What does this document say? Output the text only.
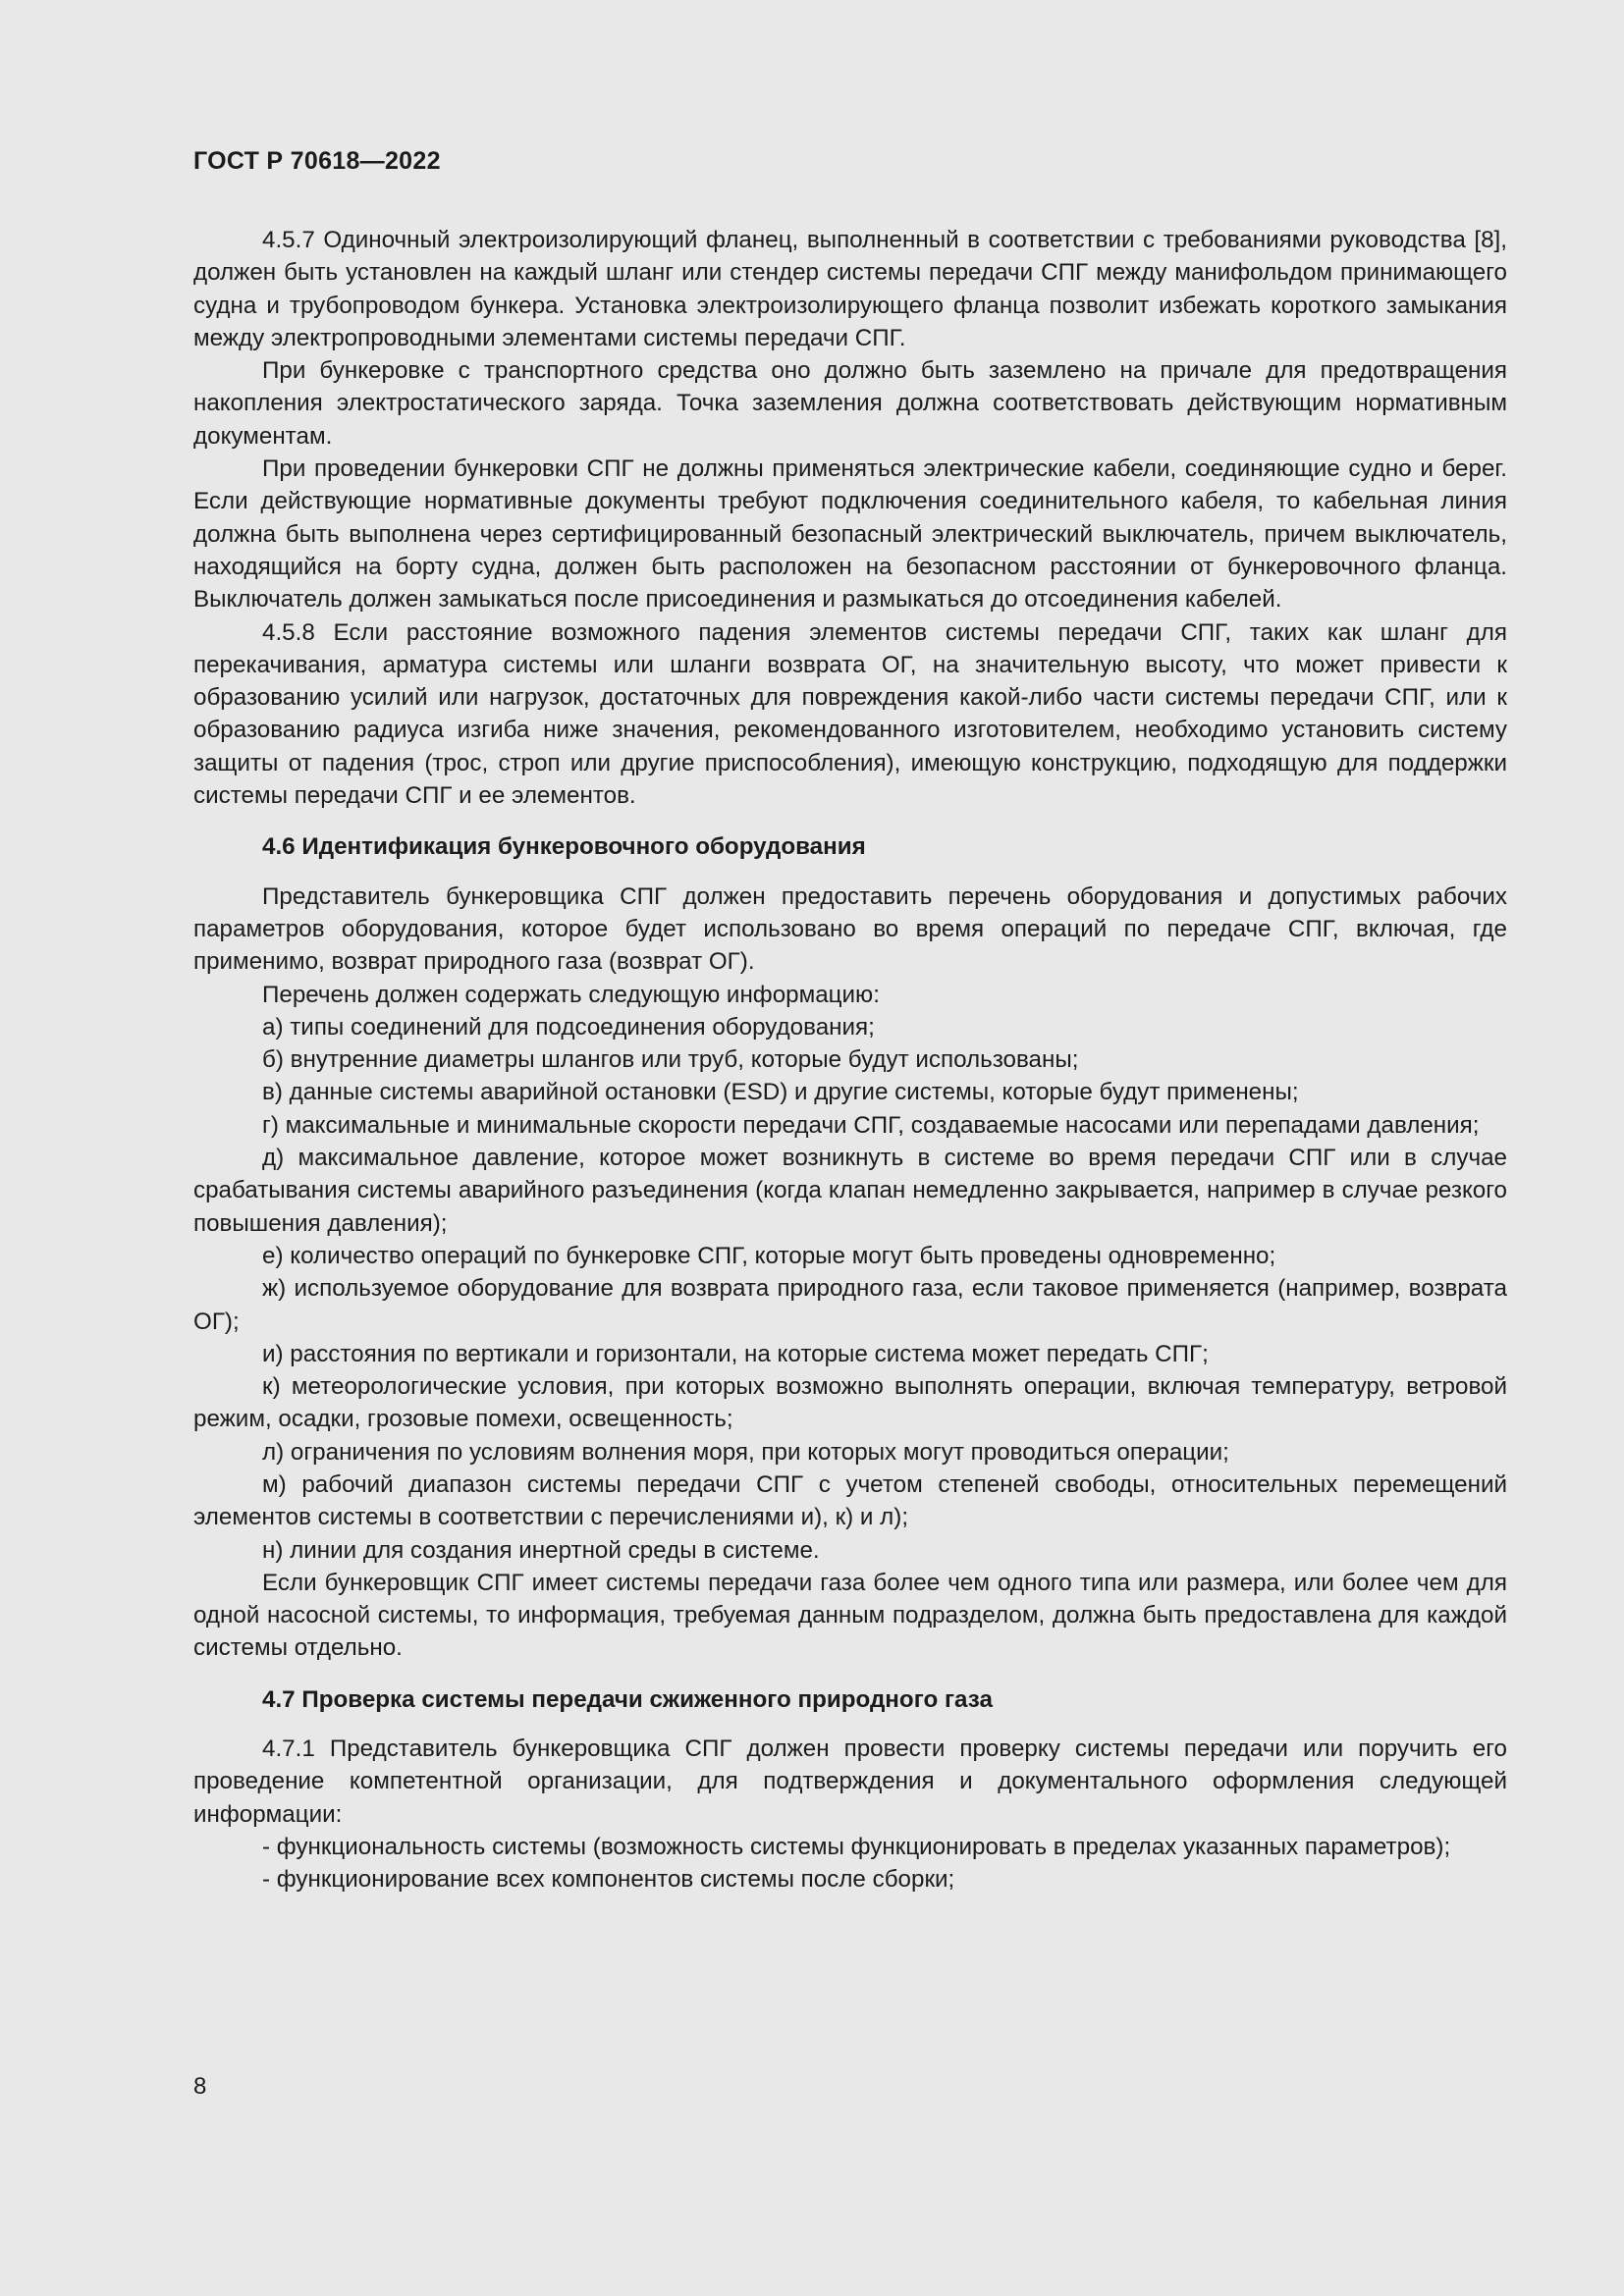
ГОСТ Р 70618—2022
4.5.7 Одиночный электроизолирующий фланец, выполненный в соответствии с требованиями руководства [8], должен быть установлен на каждый шланг или стендер системы передачи СПГ между манифольдом принимающего судна и трубопроводом бункера. Установка электроизолирующего фланца позволит избежать короткого замыкания между электропроводными элементами системы передачи СПГ.
При бункеровке с транспортного средства оно должно быть заземлено на причале для предотвращения накопления электростатического заряда. Точка заземления должна соответствовать действующим нормативным документам.
При проведении бункеровки СПГ не должны применяться электрические кабели, соединяющие судно и берег. Если действующие нормативные документы требуют подключения соединительного кабеля, то кабельная линия должна быть выполнена через сертифицированный безопасный электрический выключатель, причем выключатель, находящийся на борту судна, должен быть расположен на безопасном расстоянии от бункеровочного фланца. Выключатель должен замыкаться после присоединения и размыкаться до отсоединения кабелей.
4.5.8 Если расстояние возможного падения элементов системы передачи СПГ, таких как шланг для перекачивания, арматура системы или шланги возврата ОГ, на значительную высоту, что может привести к образованию усилий или нагрузок, достаточных для повреждения какой-либо части системы передачи СПГ, или к образованию радиуса изгиба ниже значения, рекомендованного изготовителем, необходимо установить систему защиты от падения (трос, строп или другие приспособления), имеющую конструкцию, подходящую для поддержки системы передачи СПГ и ее элементов.
4.6 Идентификация бункеровочного оборудования
Представитель бункеровщика СПГ должен предоставить перечень оборудования и допустимых рабочих параметров оборудования, которое будет использовано во время операций по передаче СПГ, включая, где применимо, возврат природного газа (возврат ОГ).
Перечень должен содержать следующую информацию:
а) типы соединений для подсоединения оборудования;
б) внутренние диаметры шлангов или труб, которые будут использованы;
в) данные системы аварийной остановки (ESD) и другие системы, которые будут применены;
г) максимальные и минимальные скорости передачи СПГ, создаваемые насосами или перепадами давления;
д) максимальное давление, которое может возникнуть в системе во время передачи СПГ или в случае срабатывания системы аварийного разъединения (когда клапан немедленно закрывается, например в случае резкого повышения давления);
е) количество операций по бункеровке СПГ, которые могут быть проведены одновременно;
ж) используемое оборудование для возврата природного газа, если таковое применяется (например, возврата ОГ);
и) расстояния по вертикали и горизонтали, на которые система может передать СПГ;
к) метеорологические условия, при которых возможно выполнять операции, включая температуру, ветровой режим, осадки, грозовые помехи, освещенность;
л) ограничения по условиям волнения моря, при которых могут проводиться операции;
м) рабочий диапазон системы передачи СПГ с учетом степеней свободы, относительных перемещений элементов системы в соответствии с перечислениями и), к) и л);
н) линии для создания инертной среды в системе.
Если бункеровщик СПГ имеет системы передачи газа более чем одного типа или размера, или более чем для одной насосной системы, то информация, требуемая данным подразделом, должна быть предоставлена для каждой системы отдельно.
4.7 Проверка системы передачи сжиженного природного газа
4.7.1 Представитель бункеровщика СПГ должен провести проверку системы передачи или поручить его проведение компетентной организации, для подтверждения и документального оформления следующей информации:
- функциональность системы (возможность системы функционировать в пределах указанных параметров);
- функционирование всех компонентов системы после сборки;
8
